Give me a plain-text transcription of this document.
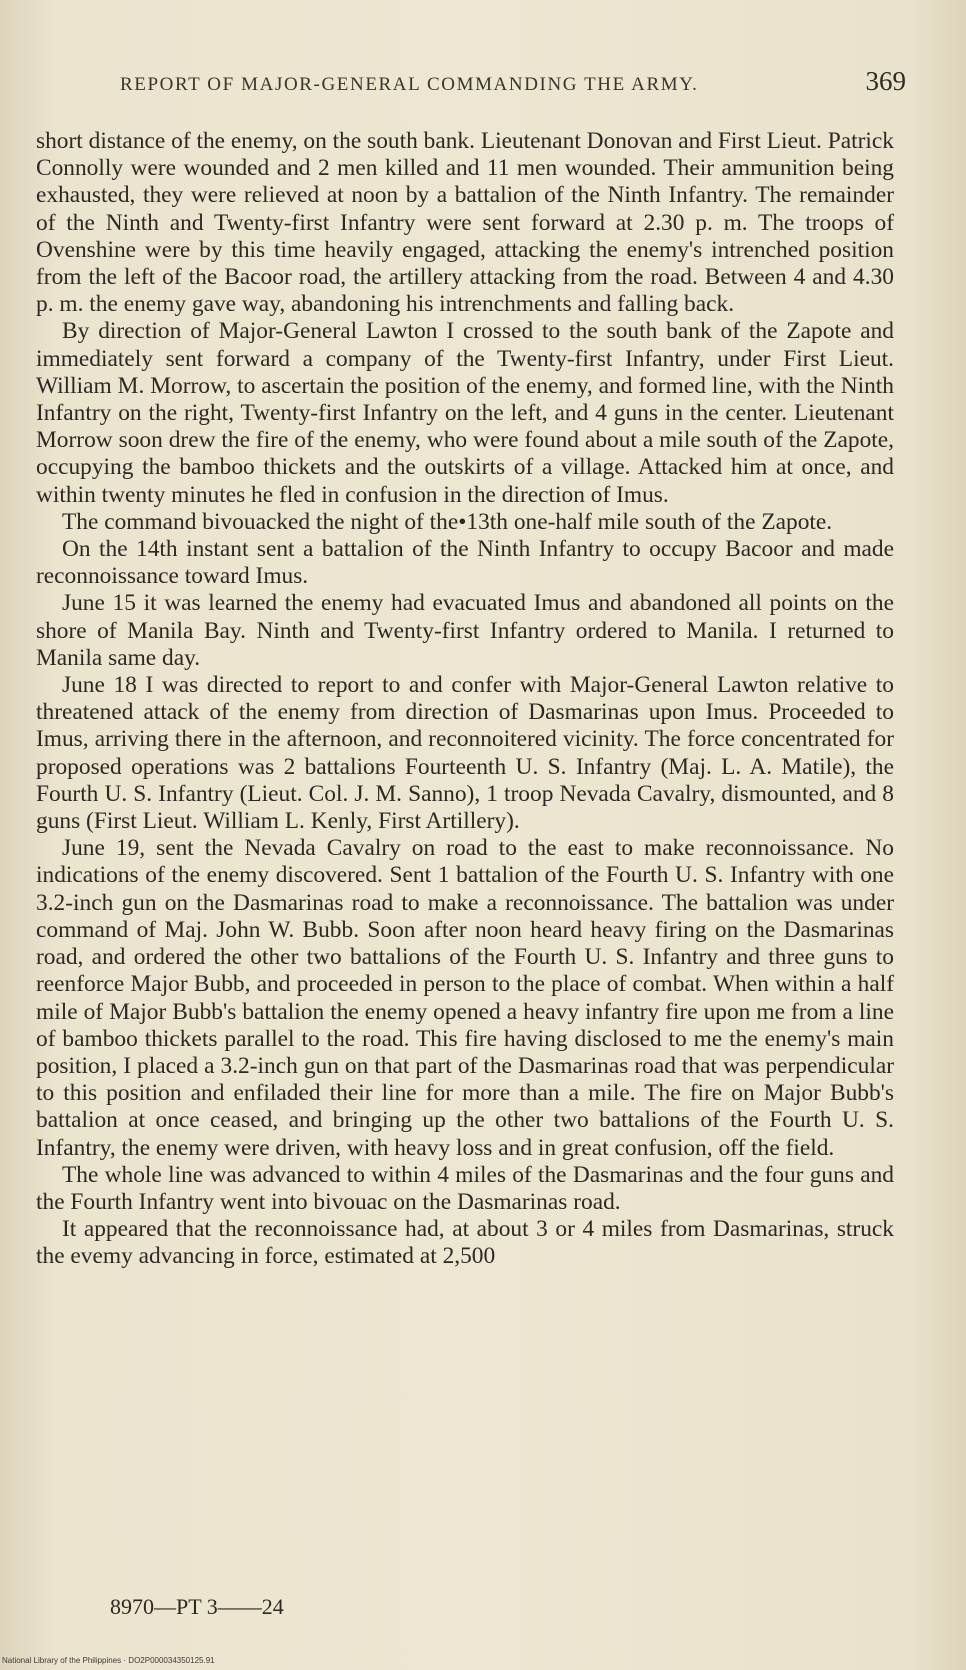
REPORT OF MAJOR-GENERAL COMMANDING THE ARMY.	369

short distance of the enemy, on the south bank. Lieutenant Donovan and First Lieut. Patrick Connolly were wounded and 2 men killed and 11 men wounded. Their ammunition being exhausted, they were relieved at noon by a battalion of the Ninth Infantry. The remainder of the Ninth and Twenty-first Infantry were sent forward at 2.30 p. m. The troops of Ovenshine were by this time heavily engaged, attacking the enemy's intrenched position from the left of the Bacoor road, the artillery attacking from the road. Between 4 and 4.30 p. m. the enemy gave way, abandoning his intrenchments and falling back.

By direction of Major-General Lawton I crossed to the south bank of the Zapote and immediately sent forward a company of the Twenty-first Infantry, under First Lieut. William M. Morrow, to ascertain the position of the enemy, and formed line, with the Ninth Infantry on the right, Twenty-first Infantry on the left, and 4 guns in the center. Lieutenant Morrow soon drew the fire of the enemy, who were found about a mile south of the Zapote, occupying the bamboo thickets and the outskirts of a village. Attacked him at once, and within twenty minutes he fled in confusion in the direction of Imus.

The command bivouacked the night of the•13th one-half mile south of the Zapote.

On the 14th instant sent a battalion of the Ninth Infantry to occupy Bacoor and made reconnoissance toward Imus.

June 15 it was learned the enemy had evacuated Imus and abandoned all points on the shore of Manila Bay. Ninth and Twenty-first Infantry ordered to Manila. I returned to Manila same day.

June 18 I was directed to report to and confer with Major-General Lawton relative to threatened attack of the enemy from direction of Dasmarinas upon Imus. Proceeded to Imus, arriving there in the afternoon, and reconnoitered vicinity. The force concentrated for proposed operations was 2 battalions Fourteenth U. S. Infantry (Maj. L. A. Matile), the Fourth U. S. Infantry (Lieut. Col. J. M. Sanno), 1 troop Nevada Cavalry, dismounted, and 8 guns (First Lieut. William L. Kenly, First Artillery).

June 19, sent the Nevada Cavalry on road to the east to make reconnoissance. No indications of the enemy discovered. Sent 1 battalion of the Fourth U. S. Infantry with one 3.2-inch gun on the Dasmarinas road to make a reconnoissance. The battalion was under command of Maj. John W. Bubb. Soon after noon heard heavy firing on the Dasmarinas road, and ordered the other two battalions of the Fourth U. S. Infantry and three guns to reenforce Major Bubb, and proceeded in person to the place of combat. When within a half mile of Major Bubb's battalion the enemy opened a heavy infantry fire upon me from a line of bamboo thickets parallel to the road. This fire having disclosed to me the enemy's main position, I placed a 3.2-inch gun on that part of the Dasmarinas road that was perpendicular to this position and enfiladed their line for more than a mile. The fire on Major Bubb's battalion at once ceased, and bringing up the other two battalions of the Fourth U. S. Infantry, the enemy were driven, with heavy loss and in great confusion, off the field.

The whole line was advanced to within 4 miles of the Dasmarinas and the four guns and the Fourth Infantry went into bivouac on the Dasmarinas road.

It appeared that the reconnoissance had, at about 3 or 4 miles from Dasmarinas, struck the evemy advancing in force, estimated at 2,500

8970—PT 3——24
National Library of the Philippines · DO2P000034350125.91
